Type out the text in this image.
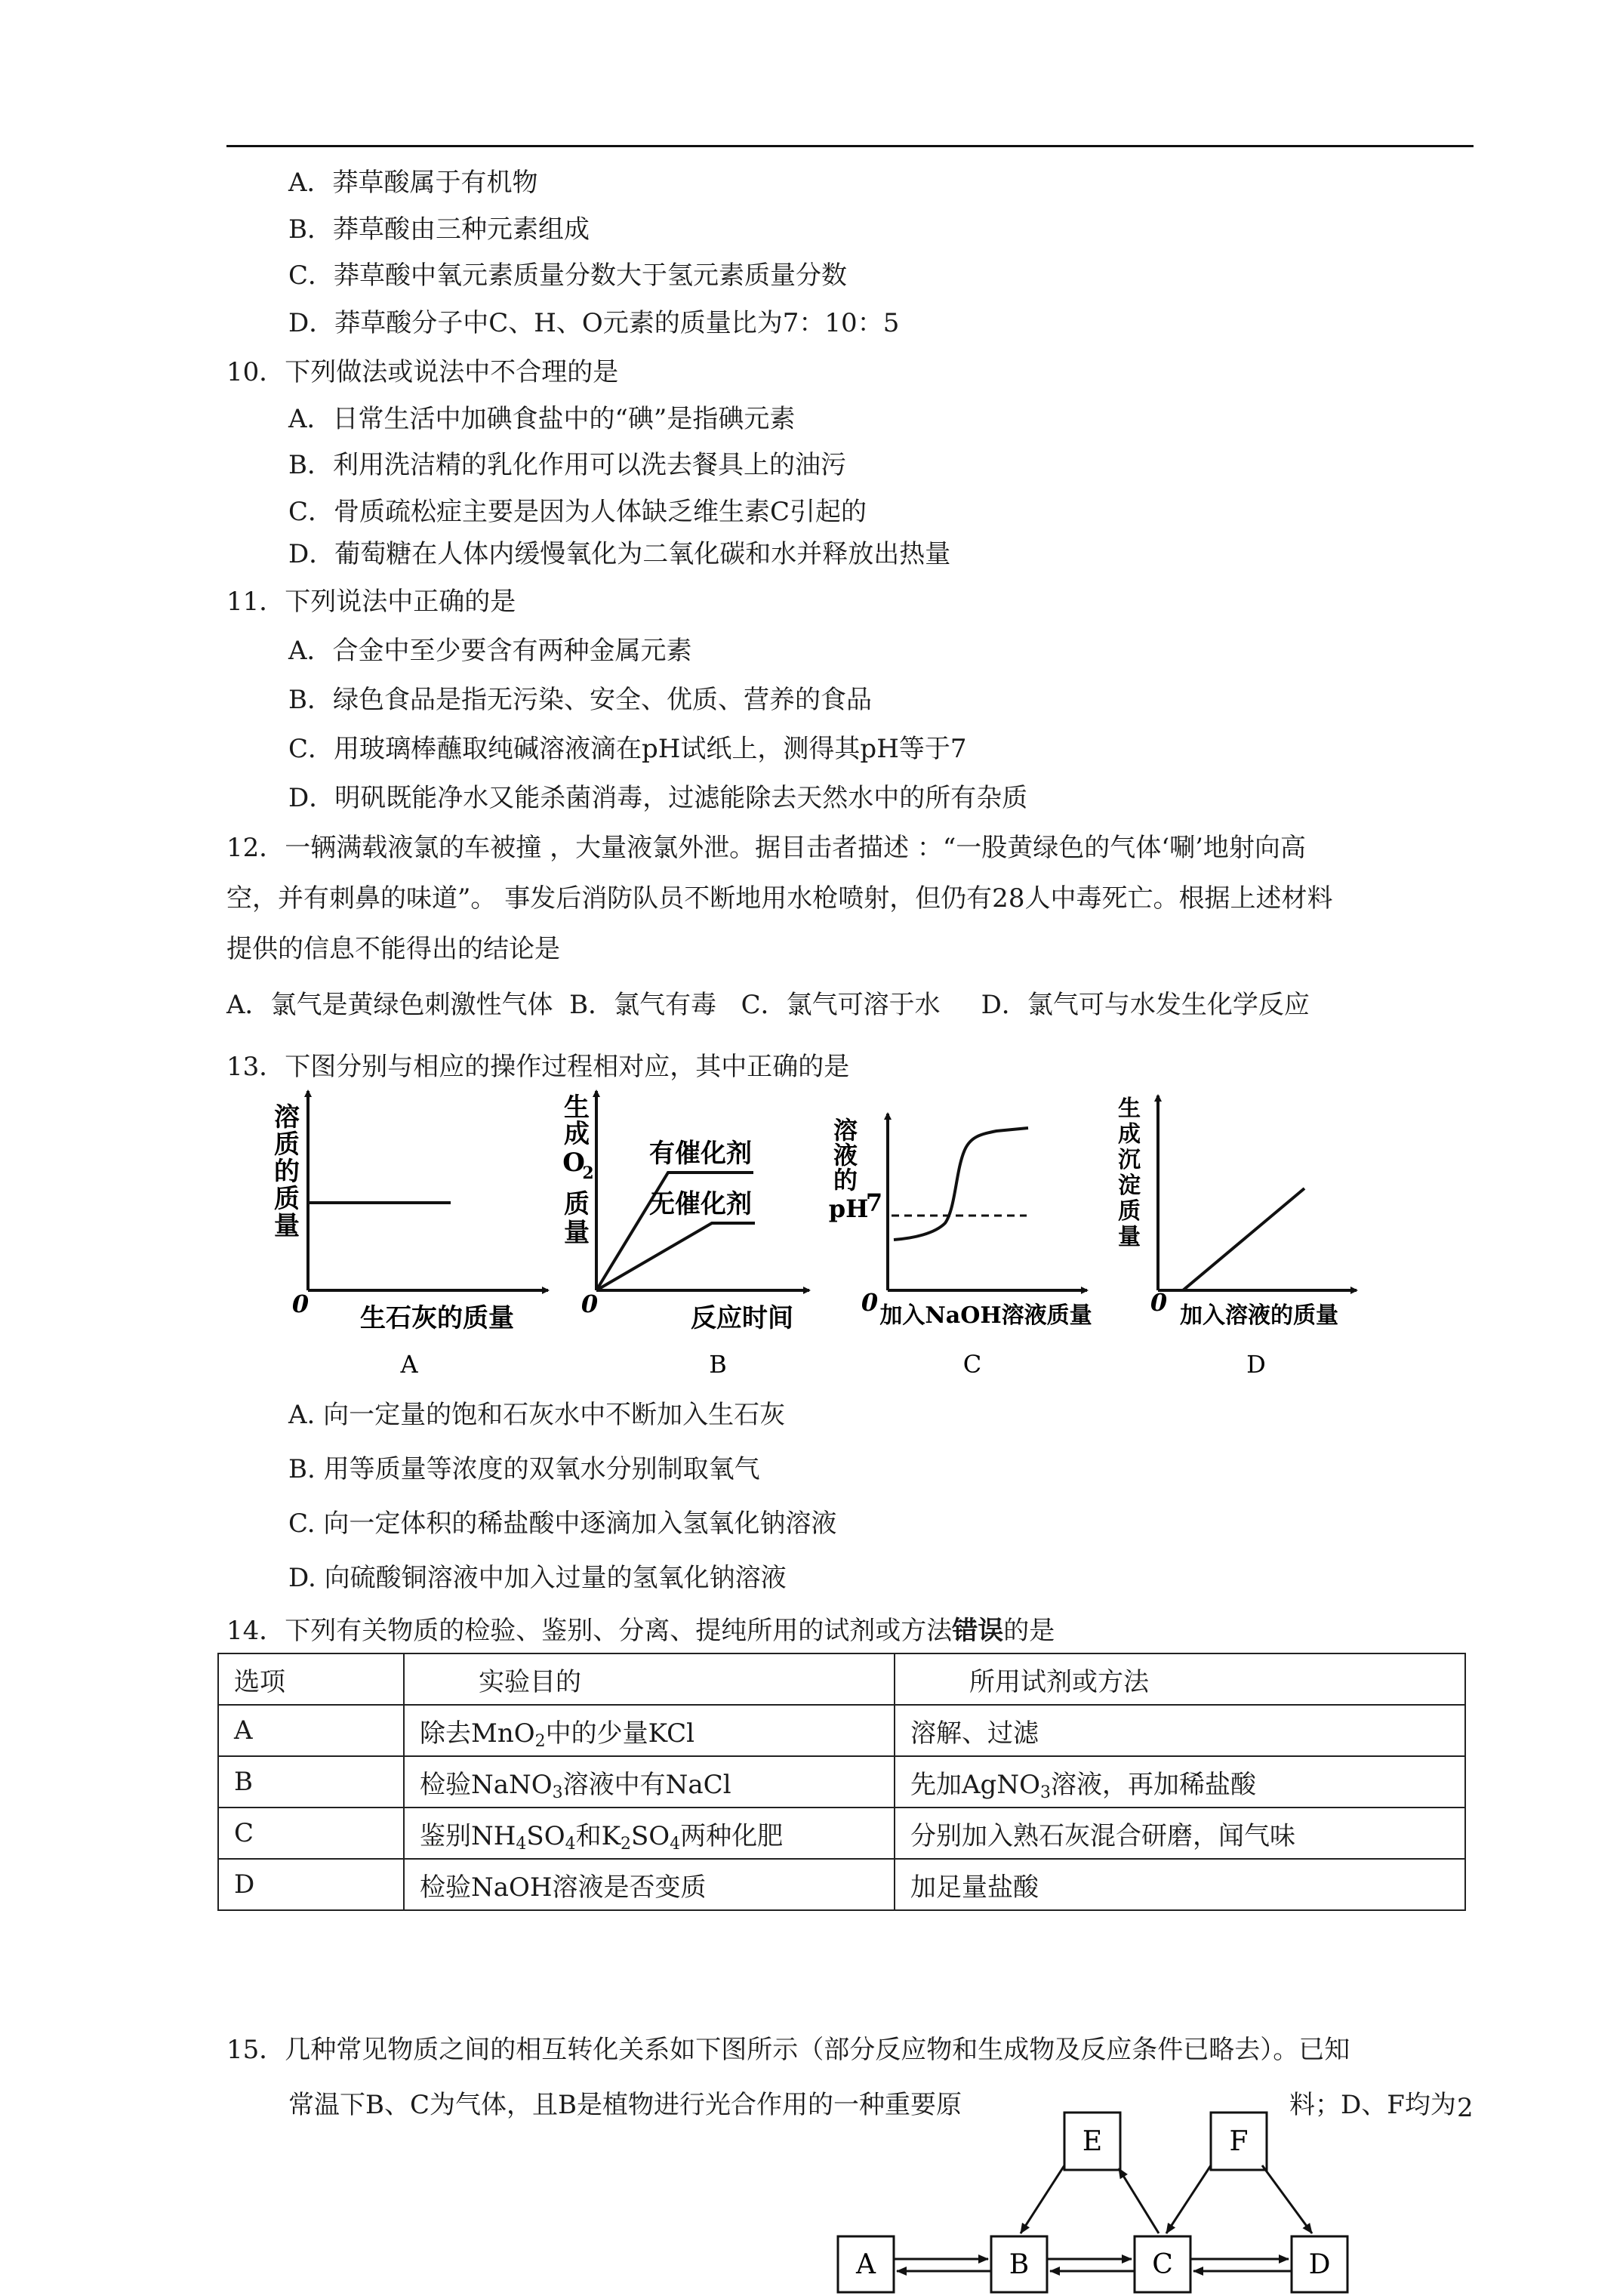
A．莽草酸属于有机物
B．莽草酸由三种元素组成
C．莽草酸中氧元素质量分数大于氢元素质量分数
D．莽草酸分子中C、H、O元素的质量比为7：10：5
10．下列做法或说法中不合理的是
A．日常生活中加碘食盐中的“碘”是指碘元素
B．利用洗洁精的乳化作用可以洗去餐具上的油污
C．骨质疏松症主要是因为人体缺乏维生素C引起的
D．葡萄糖在人体内缓慢氧化为二氧化碳和水并释放出热量
11．下列说法中正确的是
A．合金中至少要含有两种金属元素
B．绿色食品是指无污染、安全、优质、营养的食品
C．用玻璃棒蘸取纯碱溶液滴在pH试纸上，测得其pH等于7
D．明矾既能净水又能杀菌消毒，过滤能除去天然水中的所有杂质
12．一辆满载液氯的车被撞 ，大量液氯外泄。据目击者描述 ：“一股黄绿色的气体‘唰’地射向高
空，并有刺鼻的味道”。 事发后消防队员不断地用水枪喷射，但仍有28人中毒死亡。根据上述材料
提供的信息不能得出的结论是
A．氯气是黄绿色刺激性气体  B．氯气有毒   C．氯气可溶于水     D．氯气可与水发生化学反应
13．下图分别与相应的操作过程相对应，其中正确的是
溶
质
的
质
量
0 生石灰的质量
A
生
成
O
2
质
量
有催化剂
无催化剂
0	反应时间
B
溶
液
的
pH
7
0 加入NaOH溶液质量
C
生
成
沉
淀
质
量
0 加入溶液的质量
D
A. 向一定量的饱和石灰水中不断加入生石灰
B. 用等质量等浓度的双氧水分别制取氧气
C. 向一定体积的稀盐酸中逐滴加入氢氧化钠溶液
D. 向硫酸铜溶液中加入过量的氢氧化钠溶液
14．下列有关物质的检验、鉴别、分离、提纯所用的试剂或方法错误的是
选项	实验目的	所用试剂或方法
A	除去MnO$_2$中的少量KCl	溶解、过滤
B	检验NaNO$_3$溶液中有NaCl	先加AgNO$_3$溶液，再加稀盐酸
C	鉴别$NH_4SO_4$和$K_2SO_4$两种化肥	分别加入熟石灰混合研磨，闻气味
D	检验NaOH溶液是否变质	加足量盐酸
15．几种常见物质之间的相互转化关系如下图所示（部分反应物和生成物及反应条件已略去）。已知
常温下B、C为气体，且B是植物进行光合作用的一种重要原	料；D、F均为 2
E	F
A	B	C	D
